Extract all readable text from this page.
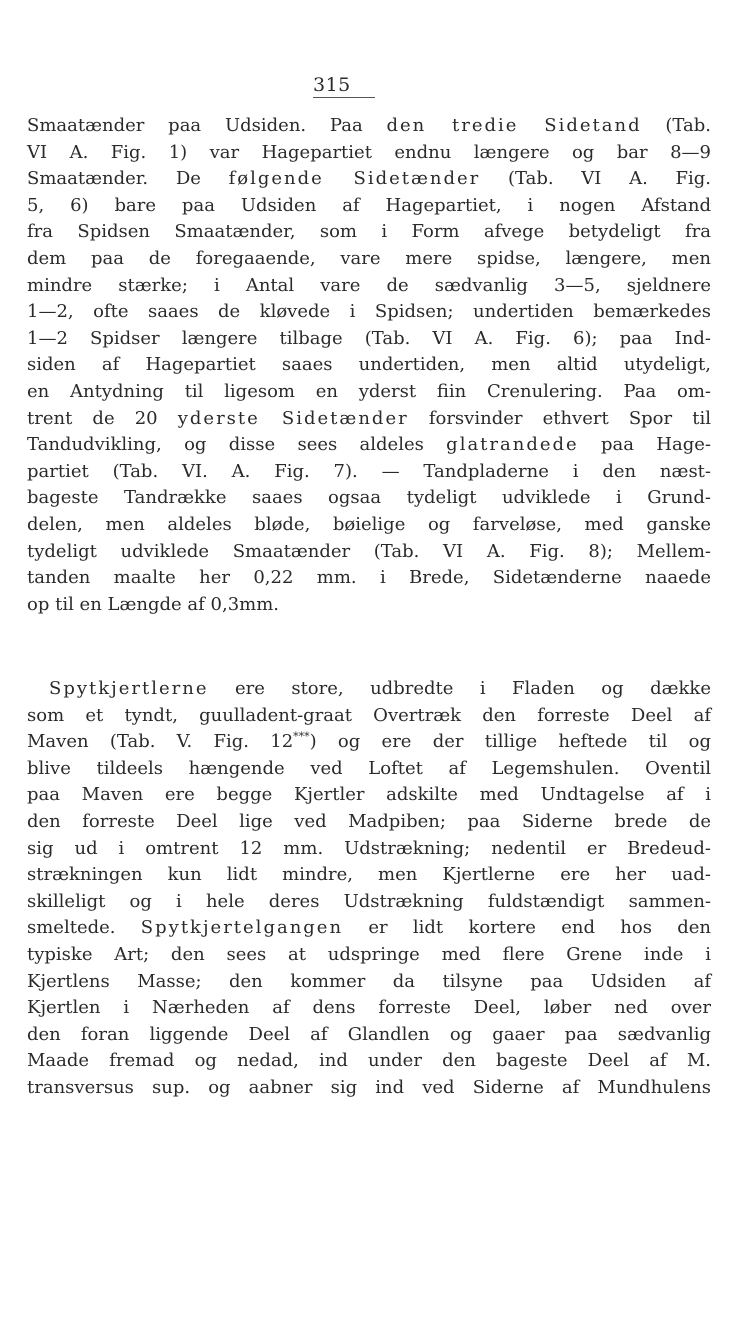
315
Smaatænder paa Udsiden. Paa den tredie Sidetand (Tab.
VI A. Fig. 1) var Hagepartiet endnu længere og bar 8—9
Smaatænder. De følgende Sidetænder (Tab. VI A. Fig.
5, 6) bare paa Udsiden af Hagepartiet, i nogen Afstand
fra Spidsen Smaatænder, som i Form afvege betydeligt fra
dem paa de foregaaende, vare mere spidse, længere, men
mindre stærke; i Antal vare de sædvanlig 3—5, sjeldnere
1—2, ofte saaes de kløvede i Spidsen; undertiden bemærkedes
1—2 Spidser længere tilbage (Tab. VI A. Fig. 6); paa Ind-
siden af Hagepartiet saaes undertiden, men altid utydeligt,
en Antydning til ligesom en yderst fiin Crenulering. Paa om-
trent de 20 yderste Sidetænder forsvinder ethvert Spor til
Tandudvikling, og disse sees aldeles glatrandede paa Hage-
partiet (Tab. VI. A. Fig. 7). — Tandpladerne i den næst-
bageste Tandrække saaes ogsaa tydeligt udviklede i Grund-
delen, men aldeles bløde, bøielige og farveløse, med ganske
tydeligt udviklede Smaatænder (Tab. VI A. Fig. 8); Mellem-
tanden maalte her 0,22 mm. i Brede, Sidetænderne naaede
op til en Længde af 0,3mm.
Spytkjertlerne ere store, udbredte i Fladen og dække
som et tyndt, guulladent-graat Overtræk den forreste Deel af
Maven (Tab. V. Fig. 12***) og ere der tillige heftede til og
blive tildeels hængende ved Loftet af Legemshulen. Oventil
paa Maven ere begge Kjertler adskilte med Undtagelse af i
den forreste Deel lige ved Madpiben; paa Siderne brede de
sig ud i omtrent 12 mm. Udstrækning; nedentil er Bredeud-
strækningen kun lidt mindre, men Kjertlerne ere her uad-
skilleligt og i hele deres Udstrækning fuldstændigt sammen-
smeltede. Spytkjertelgangen er lidt kortere end hos den
typiske Art; den sees at udspringe med flere Grene inde i
Kjertlens Masse; den kommer da tilsyne paa Udsiden af
Kjertlen i Nærheden af dens forreste Deel, løber ned over
den foran liggende Deel af Glandlen og gaaer paa sædvanlig
Maade fremad og nedad, ind under den bageste Deel af M.
transversus sup. og aabner sig ind ved Siderne af Mundhulens
